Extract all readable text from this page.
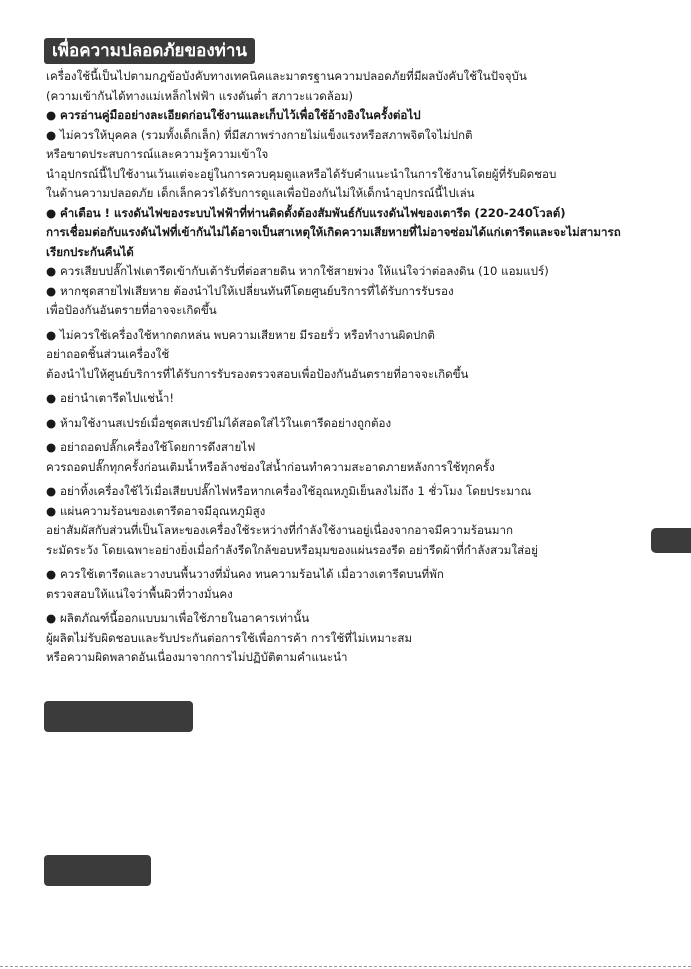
เพื่อความปลอดภัยของท่าน

เครื่องใช้นี้เป็นไปตามกฎข้อบังคับทางเทคนิคและมาตรฐานความปลอดภัยที่มีผลบังคับใช้ในปัจจุบัน

(ความเข้ากันได้ทางแม่เหล็กไฟฟ้า แรงดันต่ำ สภาวะแวดล้อม)

● ควรอ่านคู่มืออย่างละเอียดก่อนใช้งานและเก็บไว้เพื่อใช้อ้างอิงในครั้งต่อไป

● ไม่ควรให้บุคคล (รวมทั้งเด็กเล็ก) ที่มีสภาพร่างกายไม่แข็งแรงหรือสภาพจิตใจไม่ปกติ

หรือขาดประสบการณ์และความรู้ความเข้าใจ

นำอุปกรณ์นี้ไปใช้งานเว้นแต่จะอยู่ในการควบคุมดูแลหรือได้รับคำแนะนำในการใช้งานโดยผู้ที่รับผิดชอบ

ในด้านความปลอดภัย เด็กเล็กควรได้รับการดูแลเพื่อป้องกันไม่ให้เด็กนำอุปกรณ์นี้ไปเล่น

● คำเตือน ! แรงดันไฟของระบบไฟฟ้าที่ท่านติดตั้งต้องสัมพันธ์กับแรงดันไฟของเตารีด (220-240โวลต์)

การเชื่อมต่อกับแรงดันไฟที่เข้ากันไม่ได้อาจเป็นสาเหตุให้เกิดความเสียหายที่ไม่อาจซ่อมได้แก่เตารีดและจะไม่สามารถเรียกประกันคืนได้

● ควรเสียบปลั๊กไฟเตารีดเข้ากับเต้ารับที่ต่อสายดิน หากใช้สายพ่วง ให้แน่ใจว่าต่อลงดิน (10 แอมแปร์)

● หากชุดสายไฟเสียหาย ต้องนำไปให้เปลี่ยนทันทีโดยศูนย์บริการที่ได้รับการรับรอง

เพื่อป้องกันอันตรายที่อาจจะเกิดขึ้น

● ไม่ควรใช้เครื่องใช้หากตกหล่น พบความเสียหาย มีรอยรั่ว หรือทำงานผิดปกติ

อย่าถอดชิ้นส่วนเครื่องใช้

ต้องนำไปให้ศูนย์บริการที่ได้รับการรับรองตรวจสอบเพื่อป้องกันอันตรายที่อาจจะเกิดขึ้น

● อย่านำเตารีดไปแช่น้ำ!

● ห้ามใช้งานสเปรย์เมื่อชุดสเปรย์ไม่ได้สอดใส่ไว้ในเตารีดอย่างถูกต้อง

● อย่าถอดปลั๊กเครื่องใช้โดยการดึงสายไฟ

ควรถอดปลั๊กทุกครั้งก่อนเติมน้ำหรือล้างช่องใส่น้ำก่อนทำความสะอาดภายหลังการใช้ทุกครั้ง

● อย่าทิ้งเครื่องใช้ไว้เมื่อเสียบปลั๊กไฟหรือหากเครื่องใช้อุณหภูมิเย็นลงไม่ถึง 1 ชั่วโมง โดยประมาณ

● แผ่นความร้อนของเตารีดอาจมีอุณหภูมิสูง

อย่าสัมผัสกับส่วนที่เป็นโลหะของเครื่องใช้ระหว่างที่กำลังใช้งานอยู่เนื่องจากอาจมีความร้อนมาก

ระมัดระวัง โดยเฉพาะอย่างยิ่งเมื่อกำลังรีดใกล้ขอบหรือมุมของแผ่นรองรีด อย่ารีดผ้าที่กำลังสวมใส่อยู่

● ควรใช้เตารีดและวางบนพื้นวางที่มั่นคง ทนความร้อนได้ เมื่อวางเตารีดบนที่พัก

ตรวจสอบให้แน่ใจว่าพื้นผิวที่วางมั่นคง

● ผลิตภัณฑ์นี้ออกแบบมาเพื่อใช้ภายในอาคารเท่านั้น

ผู้ผลิตไม่รับผิดชอบและรับประกันต่อการใช้เพื่อการค้า การใช้ที่ไม่เหมาะสม

หรือความผิดพลาดอันเนื่องมาจากการไม่ปฏิบัติตามคำแนะนำ
